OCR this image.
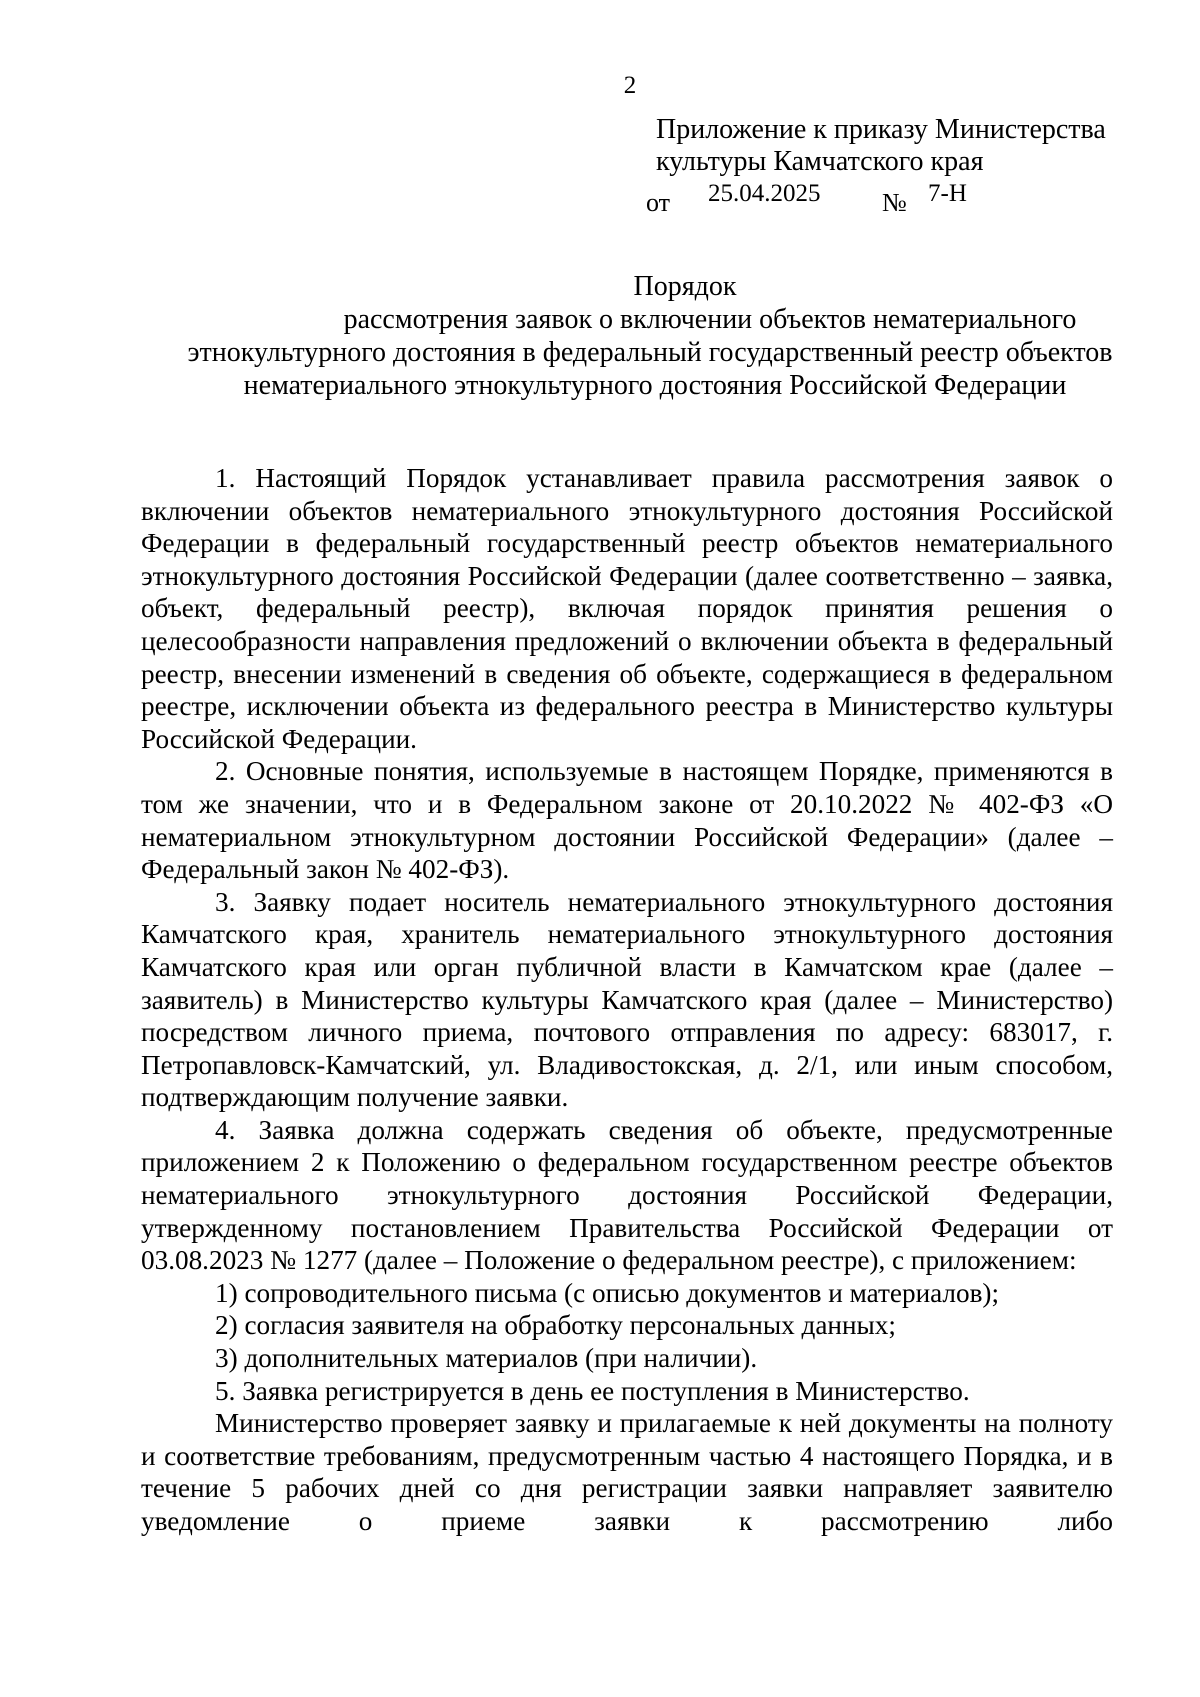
2
Приложение к приказу Министерства
культуры Камчатского края
от 25.04.2025 № 7-Н
Порядок
рассмотрения заявок о включении объектов нематериального
этнокультурного достояния в федеральный государственный реестр объектов
нематериального этнокультурного достояния Российской Федерации

1. Настоящий Порядок устанавливает правила рассмотрения заявок о включении объектов нематериального этнокультурного достояния Российской Федерации в федеральный государственный реестр объектов нематериального этнокультурного достояния Российской Федерации (далее соответственно – заявка, объект, федеральный реестр), включая порядок принятия решения о целесообразности направления предложений о включении объекта в федеральный реестр, внесении изменений в сведения об объекте, содержащиеся в федеральном реестре, исключении объекта из федерального реестра в Министерство культуры Российской Федерации.

2. Основные понятия, используемые в настоящем Порядке, применяются в том же значении, что и в Федеральном законе от 20.10.2022 № 402-ФЗ «О нематериальном этнокультурном достоянии Российской Федерации» (далее – Федеральный закон № 402-ФЗ).

3. Заявку подает носитель нематериального этнокультурного достояния Камчатского края, хранитель нематериального этнокультурного достояния Камчатского края или орган публичной власти в Камчатском крае (далее – заявитель) в Министерство культуры Камчатского края (далее – Министерство) посредством личного приема, почтового отправления по адресу: 683017, г. Петропавловск-Камчатский, ул. Владивостокская, д. 2/1, или иным способом, подтверждающим получение заявки.

4. Заявка должна содержать сведения об объекте, предусмотренные приложением 2 к Положению о федеральном государственном реестре объектов нематериального этнокультурного достояния Российской Федерации, утвержденному постановлением Правительства Российской Федерации от 03.08.2023 № 1277 (далее – Положение о федеральном реестре), с приложением:

1) сопроводительного письма (с описью документов и материалов);

2) согласия заявителя на обработку персональных данных;

3) дополнительных материалов (при наличии).

5. Заявка регистрируется в день ее поступления в Министерство.

Министерство проверяет заявку и прилагаемые к ней документы на полноту и соответствие требованиям, предусмотренным частью 4 настоящего Порядка, и в течение 5 рабочих дней со дня регистрации заявки направляет заявителю уведомление о приеме заявки к рассмотрению либо
